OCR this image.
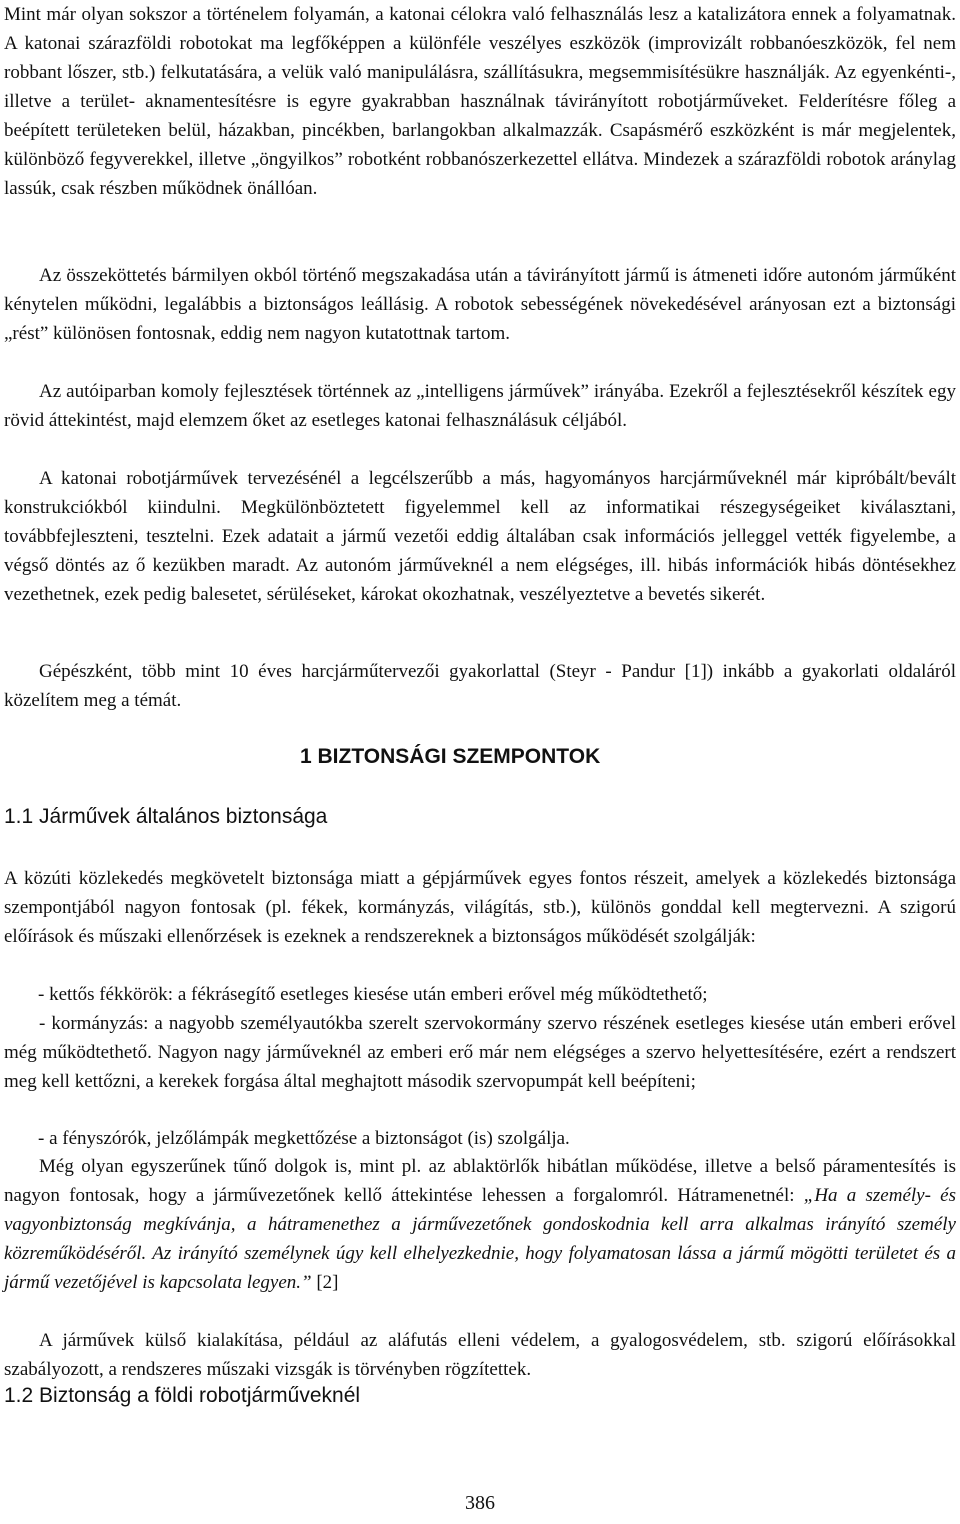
Mint már olyan sokszor a történelem folyamán, a katonai célokra való felhasználás lesz a katalizátora ennek a folyamatnak. A katonai szárazföldi robotokat ma legfőképpen a különféle veszélyes eszközök (improvizált robbanóeszközök, fel nem robbant lőszer, stb.) felkutatására, a velük való manipulálásra, szállításukra, megsemmisítésükre használják. Az egyenkénti-, illetve a terület- aknamentesítésre is egyre gyakrabban használnak távirányított robotjárműveket. Felderítésre főleg a beépített területeken belül, házakban, pincékben, barlangokban alkalmazzák. Csapásmérő eszközként is már megjelentek, különböző fegyverekkel, illetve „öngyilkos” robotként robbanószerkezettel ellátva. Mindezek a szárazföldi robotok aránylag lassúk, csak részben működnek önállóan.

Az összeköttetés bármilyen okból történő megszakadása után a távirányított jármű is átmeneti időre autonóm járműként kénytelen működni, legalábbis a biztonságos leállásig. A robotok sebességének növekedésével arányosan ezt a biztonsági „rést” különösen fontosnak, eddig nem nagyon kutatottnak tartom.

Az autóiparban komoly fejlesztések történnek az „intelligens járművek” irányába. Ezekről a fejlesztésekről készítek egy rövid áttekintést, majd elemzem őket az esetleges katonai felhasználásuk céljából.

A katonai robotjárművek tervezésénél a legcélszerűbb a más, hagyományos harcjárműveknél már kipróbált/bevált konstrukciókból kiindulni. Megkülönböztetett figyelemmel kell az informatikai részegységeiket kiválasztani, továbbfejleszteni, tesztelni. Ezek adatait a jármű vezetői eddig általában csak információs jelleggel vették figyelembe, a végső döntés az ő kezükben maradt. Az autonóm járműveknél a nem elégséges, ill. hibás információk hibás döntésekhez vezethetnek, ezek pedig balesetet, sérüléseket, károkat okozhatnak, veszélyeztetve a bevetés sikerét.

Gépészként, több mint 10 éves harcjárműtervezői gyakorlattal (Steyr - Pandur [1]) inkább a gyakorlati oldaláról közelítem meg a témát.

1 BIZTONSÁGI SZEMPONTOK
1.1 Járművek általános biztonsága

A közúti közlekedés megkövetelt biztonsága miatt a gépjárművek egyes fontos részeit, amelyek a közlekedés biztonsága szempontjából nagyon fontosak (pl. fékek, kormányzás, világítás, stb.), különös gonddal kell megtervezni. A szigorú előírások és műszaki ellenőrzések is ezeknek a rendszereknek a biztonságos működését szolgálják:

- kettős fékkörök: a fékrásegítő esetleges kiesése után emberi erővel még működtethető;

- kormányzás: a nagyobb személyautókba szerelt szervokormány szervo részének esetleges kiesése után emberi erővel még működtethető. Nagyon nagy járműveknél az emberi erő már nem elégséges a szervo helyettesítésére, ezért a rendszert meg kell kettőzni, a kerekek forgása által meghajtott második szervopumpát kell beépíteni;

- a fényszórók, jelzőlámpák megkettőzése a biztonságot (is) szolgálja.

Még olyan egyszerűnek tűnő dolgok is, mint pl. az ablaktörlők hibátlan működése, illetve a belső páramentesítés is nagyon fontosak, hogy a járművezetőnek kellő áttekintése lehessen a forgalomról. Hátramenetnél: „Ha a személy- és vagyonbiztonság megkívánja, a hátramenethez a járművezetőnek gondoskodnia kell arra alkalmas irányító személy közreműködéséről. Az irányító személynek úgy kell elhelyezkednie, hogy folyamatosan lássa a jármű mögötti területet és a jármű vezetőjével is kapcsolata legyen.” [2]

A járművek külső kialakítása, például az aláfutás elleni védelem, a gyalogosvédelem, stb. szigorú előírásokkal szabályozott, a rendszeres műszaki vizsgák is törvényben rögzítettek.

1.2 Biztonság a földi robotjárműveknél
386
